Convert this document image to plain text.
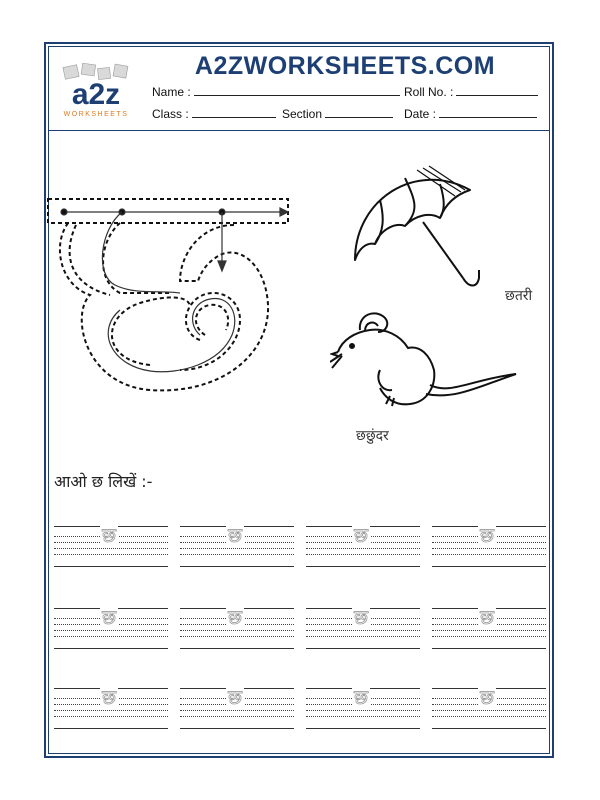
a2z
WORKSHEETS
A2ZWORKSHEETS.COM
Name :	Roll No. :
Class :	Section	Date :
छतरी
छछुंदर
आओ छ लिखें :-
छ	छ	छ	छ
छ	छ	छ	छ
छ	छ	छ	छ
